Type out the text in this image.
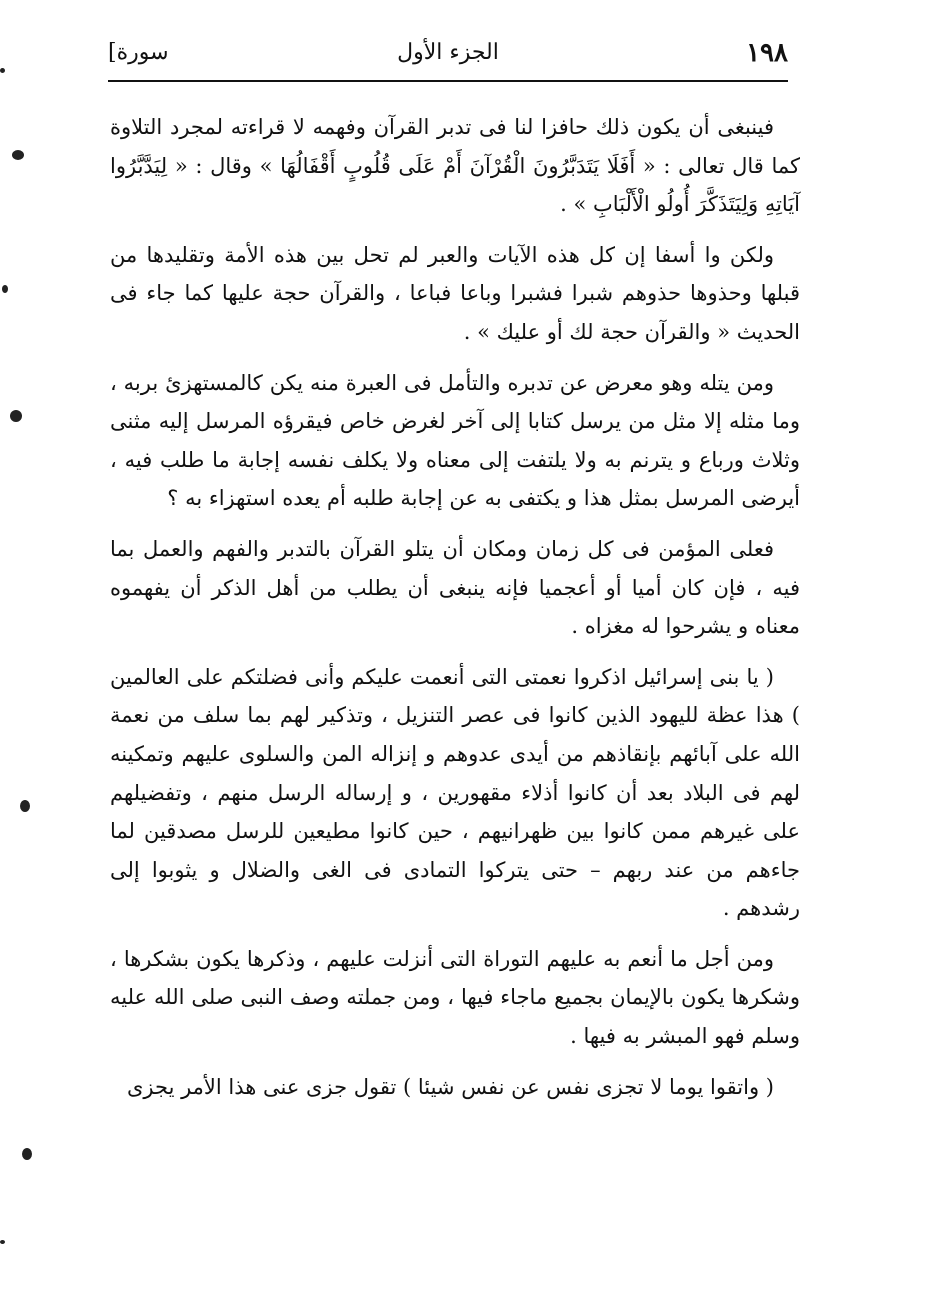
١٩٨
الجزء الأول
[سورة

فينبغى أن يكون ذلك حافزا لنا فى تدبر القرآن وفهمه لا قراءته لمجرد التلاوة كما قال تعالى : « أَفَلَا يَتَدَبَّرُونَ الْقُرْآنَ أَمْ عَلَى قُلُوبٍ أَقْفَالُهَا » وقال : « لِيَدَّبَّرُوا آيَاتِهِ وَلِيَتَذَكَّرَ أُولُو الْأَلْبَابِ » .

ولكن وا أسفا إن كل هذه الآيات والعبر لم تحل بين هذه الأمة وتقليدها من قبلها وحذوها حذوهم شبرا فشبرا وباعا فباعا ، والقرآن حجة عليها كما جاء فى الحديث « والقرآن حجة لك أو عليك » .

ومن يتله وهو معرض عن تدبره والتأمل فى العبرة منه يكن كالمستهزئ بربه ، وما مثله إلا مثل من يرسل كتابا إلى آخر لغرض خاص فيقرؤه المرسل إليه مثنى وثلاث ورباع و يترنم به ولا يلتفت إلى معناه ولا يكلف نفسه إجابة ما طلب فيه ، أيرضى المرسل بمثل هذا و يكتفى به عن إجابة طلبه أم يعده استهزاء به ؟

فعلى المؤمن فى كل زمان ومكان أن يتلو القرآن بالتدبر والفهم والعمل بما فيه ، فإن كان أميا أو أعجميا فإنه ينبغى أن يطلب من أهل الذكر أن يفهموه معناه و يشرحوا له مغزاه .

( يا بنى إسرائيل اذكروا نعمتى التى أنعمت عليكم وأنى فضلتكم على العالمين ) هذا عظة لليهود الذين كانوا فى عصر التنزيل ، وتذكير لهم بما سلف من نعمة الله على آبائهم بإنقاذهم من أيدى عدوهم و إنزاله المن والسلوى عليهم وتمكينه لهم فى البلاد بعد أن كانوا أذلاء مقهورين ، و إرساله الرسل منهم ، وتفضيلهم على غيرهم ممن كانوا بين ظهرانيهم ، حين كانوا مطيعين للرسل مصدقين لما جاءهم من عند ربهم – حتى يتركوا التمادى فى الغى والضلال و يثوبوا إلى رشدهم .

ومن أجل ما أنعم به عليهم التوراة التى أنزلت عليهم ، وذكرها يكون بشكرها ، وشكرها يكون بالإيمان بجميع ماجاء فيها ، ومن جملته وصف النبى صلى الله عليه وسلم فهو المبشر به فيها .

( واتقوا يوما لا تجزى نفس عن نفس شيئا ) تقول جزى عنى هذا الأمر يجزى
